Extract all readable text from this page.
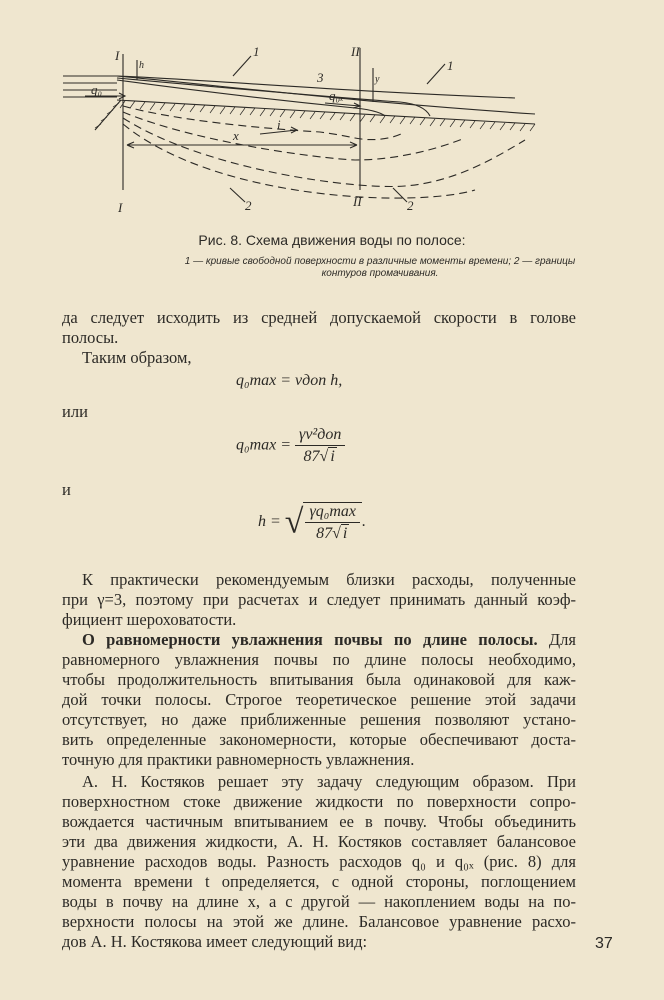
I
h
1	II
y
3
1
q₀	q₀ₓ
x
i
I	2	II	2
Рис. 8. Схема движения воды по полосе:
1 — кривые свободной поверхности в различные моменты времени; 2 — границы
контуров промачивания.
да следует исходить из средней допускаемой скорости в голове
полосы.
Таким образом,
q₀max = vдоп h,
или
$q_0\max = \frac{\text{γv²доп}}{87√ i}$
и
h = √ $\frac{\text{γq₀max}}{87√ i}$ .
К практически рекомендуемым близки расходы, полученные
при γ=3, поэтому при расчетах и следует принимать данный коэф-
фициент шероховатости.
О равномерности увлажнения почвы по длине полосы. Для
равномерного увлажнения почвы по длине полосы необходимо,
чтобы продолжительность впитывания была одинаковой для каж-
дой точки полосы. Строгое теоретическое решение этой задачи
отсутствует, но даже приближенные решения позволяют устано-
вить определенные закономерности, которые обеспечивают доста-
точную для практики равномерность увлажнения.
А. Н. Костяков решает эту задачу следующим образом. При
поверхностном стоке движение жидкости по поверхности сопро-
вождается частичным впитыванием ее в почву. Чтобы объединить
эти два движения жидкости, А. Н. Костяков составляет балансовое
уравнение расходов воды. Разность расходов q₀ и q₀ₓ (рис. 8) для
момента времени t определяется, с одной стороны, поглощением
воды в почву на длине x, а с другой — накоплением воды на по-
верхности полосы на этой же длине. Балансовое уравнение расхо-
дов А. Н. Костякова имеет следующий вид:	37
